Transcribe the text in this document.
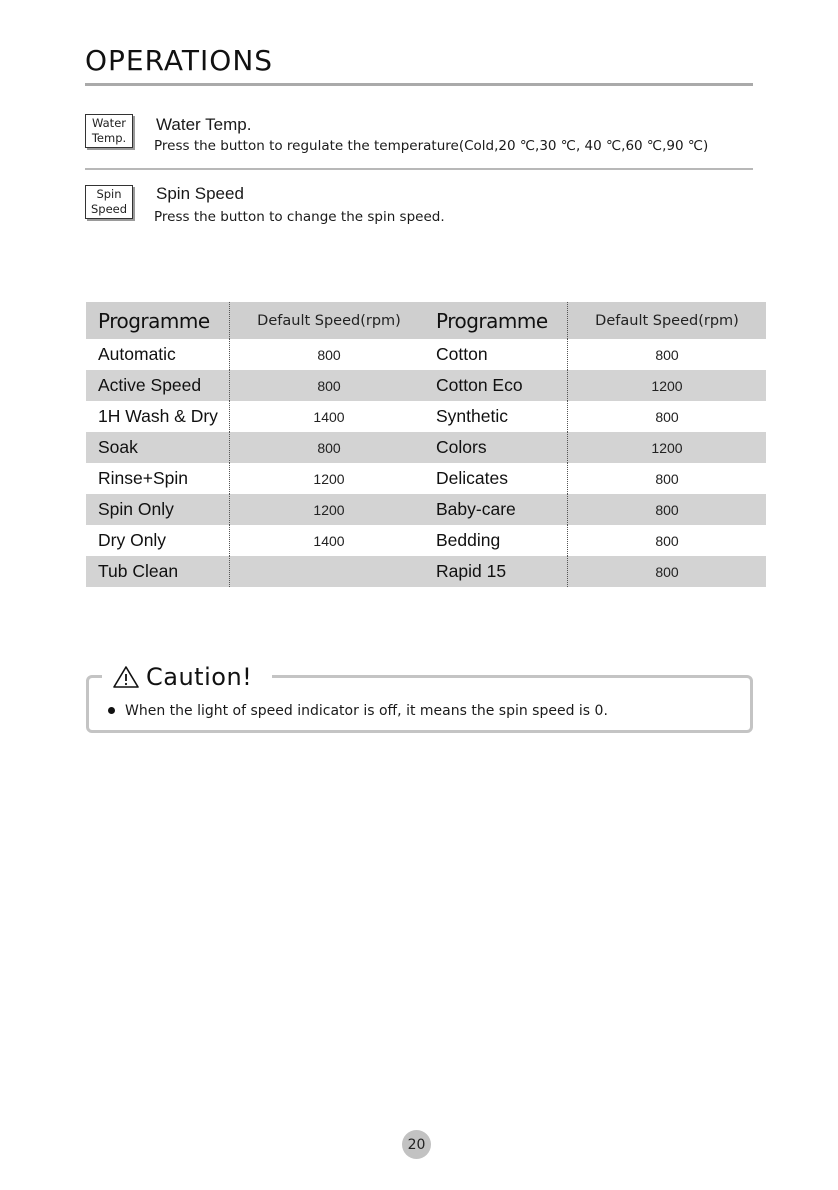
OPERATIONS
Water
Temp.
Water Temp.
Press the button to regulate the temperature(Cold,20 ℃,30 ℃, 40 ℃,60 ℃,90 ℃)
Spin
Speed
Spin Speed
Press the button to change the spin speed.
Programme	Default Speed(rpm)
Automatic	800
Active Speed	800
1H Wash & Dry	1400
Soak	800
Rinse+Spin	1200
Spin Only	1200
Dry Only	1400
Tub Clean	
Programme	Default Speed(rpm)
Cotton	800
Cotton Eco	1200
Synthetic	800
Colors	1200
Delicates	800
Baby-care	800
Bedding	800
Rapid 15	800
Caution!
When the light of speed indicator is off, it means the spin speed is 0.
20
